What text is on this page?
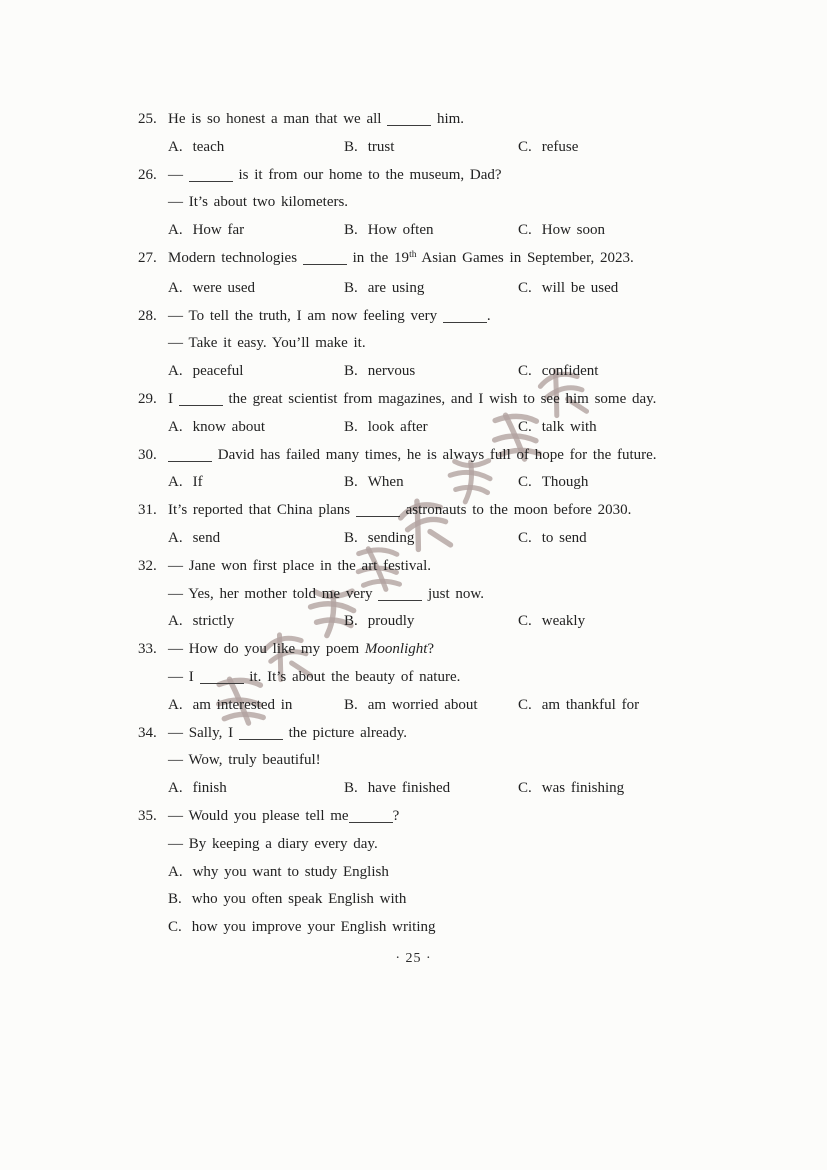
25. He is so honest a man that we all	him.
A. teach	B. trust	C. refuse
26. —	is it from our home to the museum, Dad?
— It’s about two kilometers.
A. How far	B. How often	C. How soon
27. Modern technologies	in the 19th Asian Games in September, 2023.
A. were used	B. are using	C. will be used
28. — To tell the truth, I am now feeling very	.
— Take it easy. You’ll make it.
A. peaceful	B. nervous	C. confident
29. I	the great scientist from magazines, and I wish to see him some day.
A. know about	B. look after	C. talk with
30.	David has failed many times, he is always full of hope for the future.
A. If	B. When	C. Though
31. It’s reported that China plans	astronauts to the moon before 2030.
A. send	B. sending	C. to send
32. — Jane won first place in the art festival.
— Yes, her mother told me very	just now.
A. strictly	B. proudly	C. weakly
33. — How do you like my poem Moonlight?
— I	it. It’s about the beauty of nature.
A. am interested in	B. am worried about	C. am thankful for
34. — Sally, I	the picture already.
— Wow, truly beautiful!
A. finish	B. have finished	C. was finishing
35. — Would you please tell me	?
— By keeping a diary every day.
A. why you want to study English
B. who you often speak English with
C. how you improve your English writing
· 25 ·
